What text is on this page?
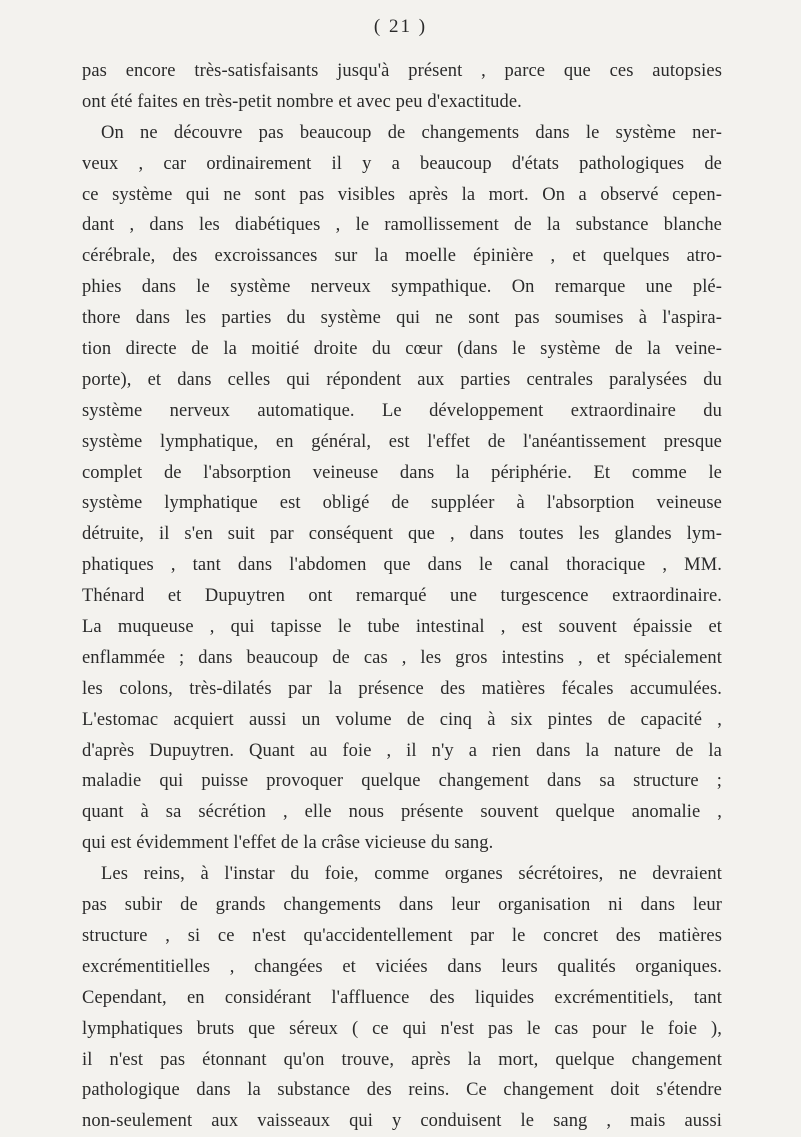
( 21 )
pas encore très-satisfaisants jusqu'à présent , parce que ces autopsies
ont été faites en très-petit nombre et avec peu d'exactitude.
On ne découvre pas beaucoup de changements dans le système ner-
veux , car ordinairement il y a beaucoup d'états pathologiques de
ce système qui ne sont pas visibles après la mort. On a observé cepen-
dant , dans les diabétiques , le ramollissement de la substance blanche
cérébrale, des excroissances sur la moelle épinière , et quelques atro-
phies dans le système nerveux sympathique. On remarque une plé-
thore dans les parties du système qui ne sont pas soumises à l'aspira-
tion directe de la moitié droite du cœur (dans le système de la veine-
porte), et dans celles qui répondent aux parties centrales paralysées du
système nerveux automatique. Le développement extraordinaire du
système lymphatique, en général, est l'effet de l'anéantissement presque
complet de l'absorption veineuse dans la périphérie. Et comme le
système lymphatique est obligé de suppléer à l'absorption veineuse
détruite, il s'en suit par conséquent que , dans toutes les glandes lym-
phatiques , tant dans l'abdomen que dans le canal thoracique , MM.
Thénard et Dupuytren ont remarqué une turgescence extraordinaire.
La muqueuse , qui tapisse le tube intestinal , est souvent épaissie et
enflammée ; dans beaucoup de cas , les gros intestins , et spécialement
les colons, très-dilatés par la présence des matières fécales accumulées.
L'estomac acquiert aussi un volume de cinq à six pintes de capacité ,
d'après Dupuytren. Quant au foie , il n'y a rien dans la nature de la
maladie qui puisse provoquer quelque changement dans sa structure ;
quant à sa sécrétion , elle nous présente souvent quelque anomalie ,
qui est évidemment l'effet de la crâse vicieuse du sang.
Les reins, à l'instar du foie, comme organes sécrétoires, ne devraient
pas subir de grands changements dans leur organisation ni dans leur
structure , si ce n'est qu'accidentellement par le concret des matières
excrémentitielles , changées et viciées dans leurs qualités organiques.
Cependant, en considérant l'affluence des liquides excrémentitiels, tant
lymphatiques bruts que séreux ( ce qui n'est pas le cas pour le foie ),
il n'est pas étonnant qu'on trouve, après la mort, quelque changement
pathologique dans la substance des reins. Ce changement doit s'étendre
non-seulement aux vaisseaux qui y conduisent le sang , mais aussi
